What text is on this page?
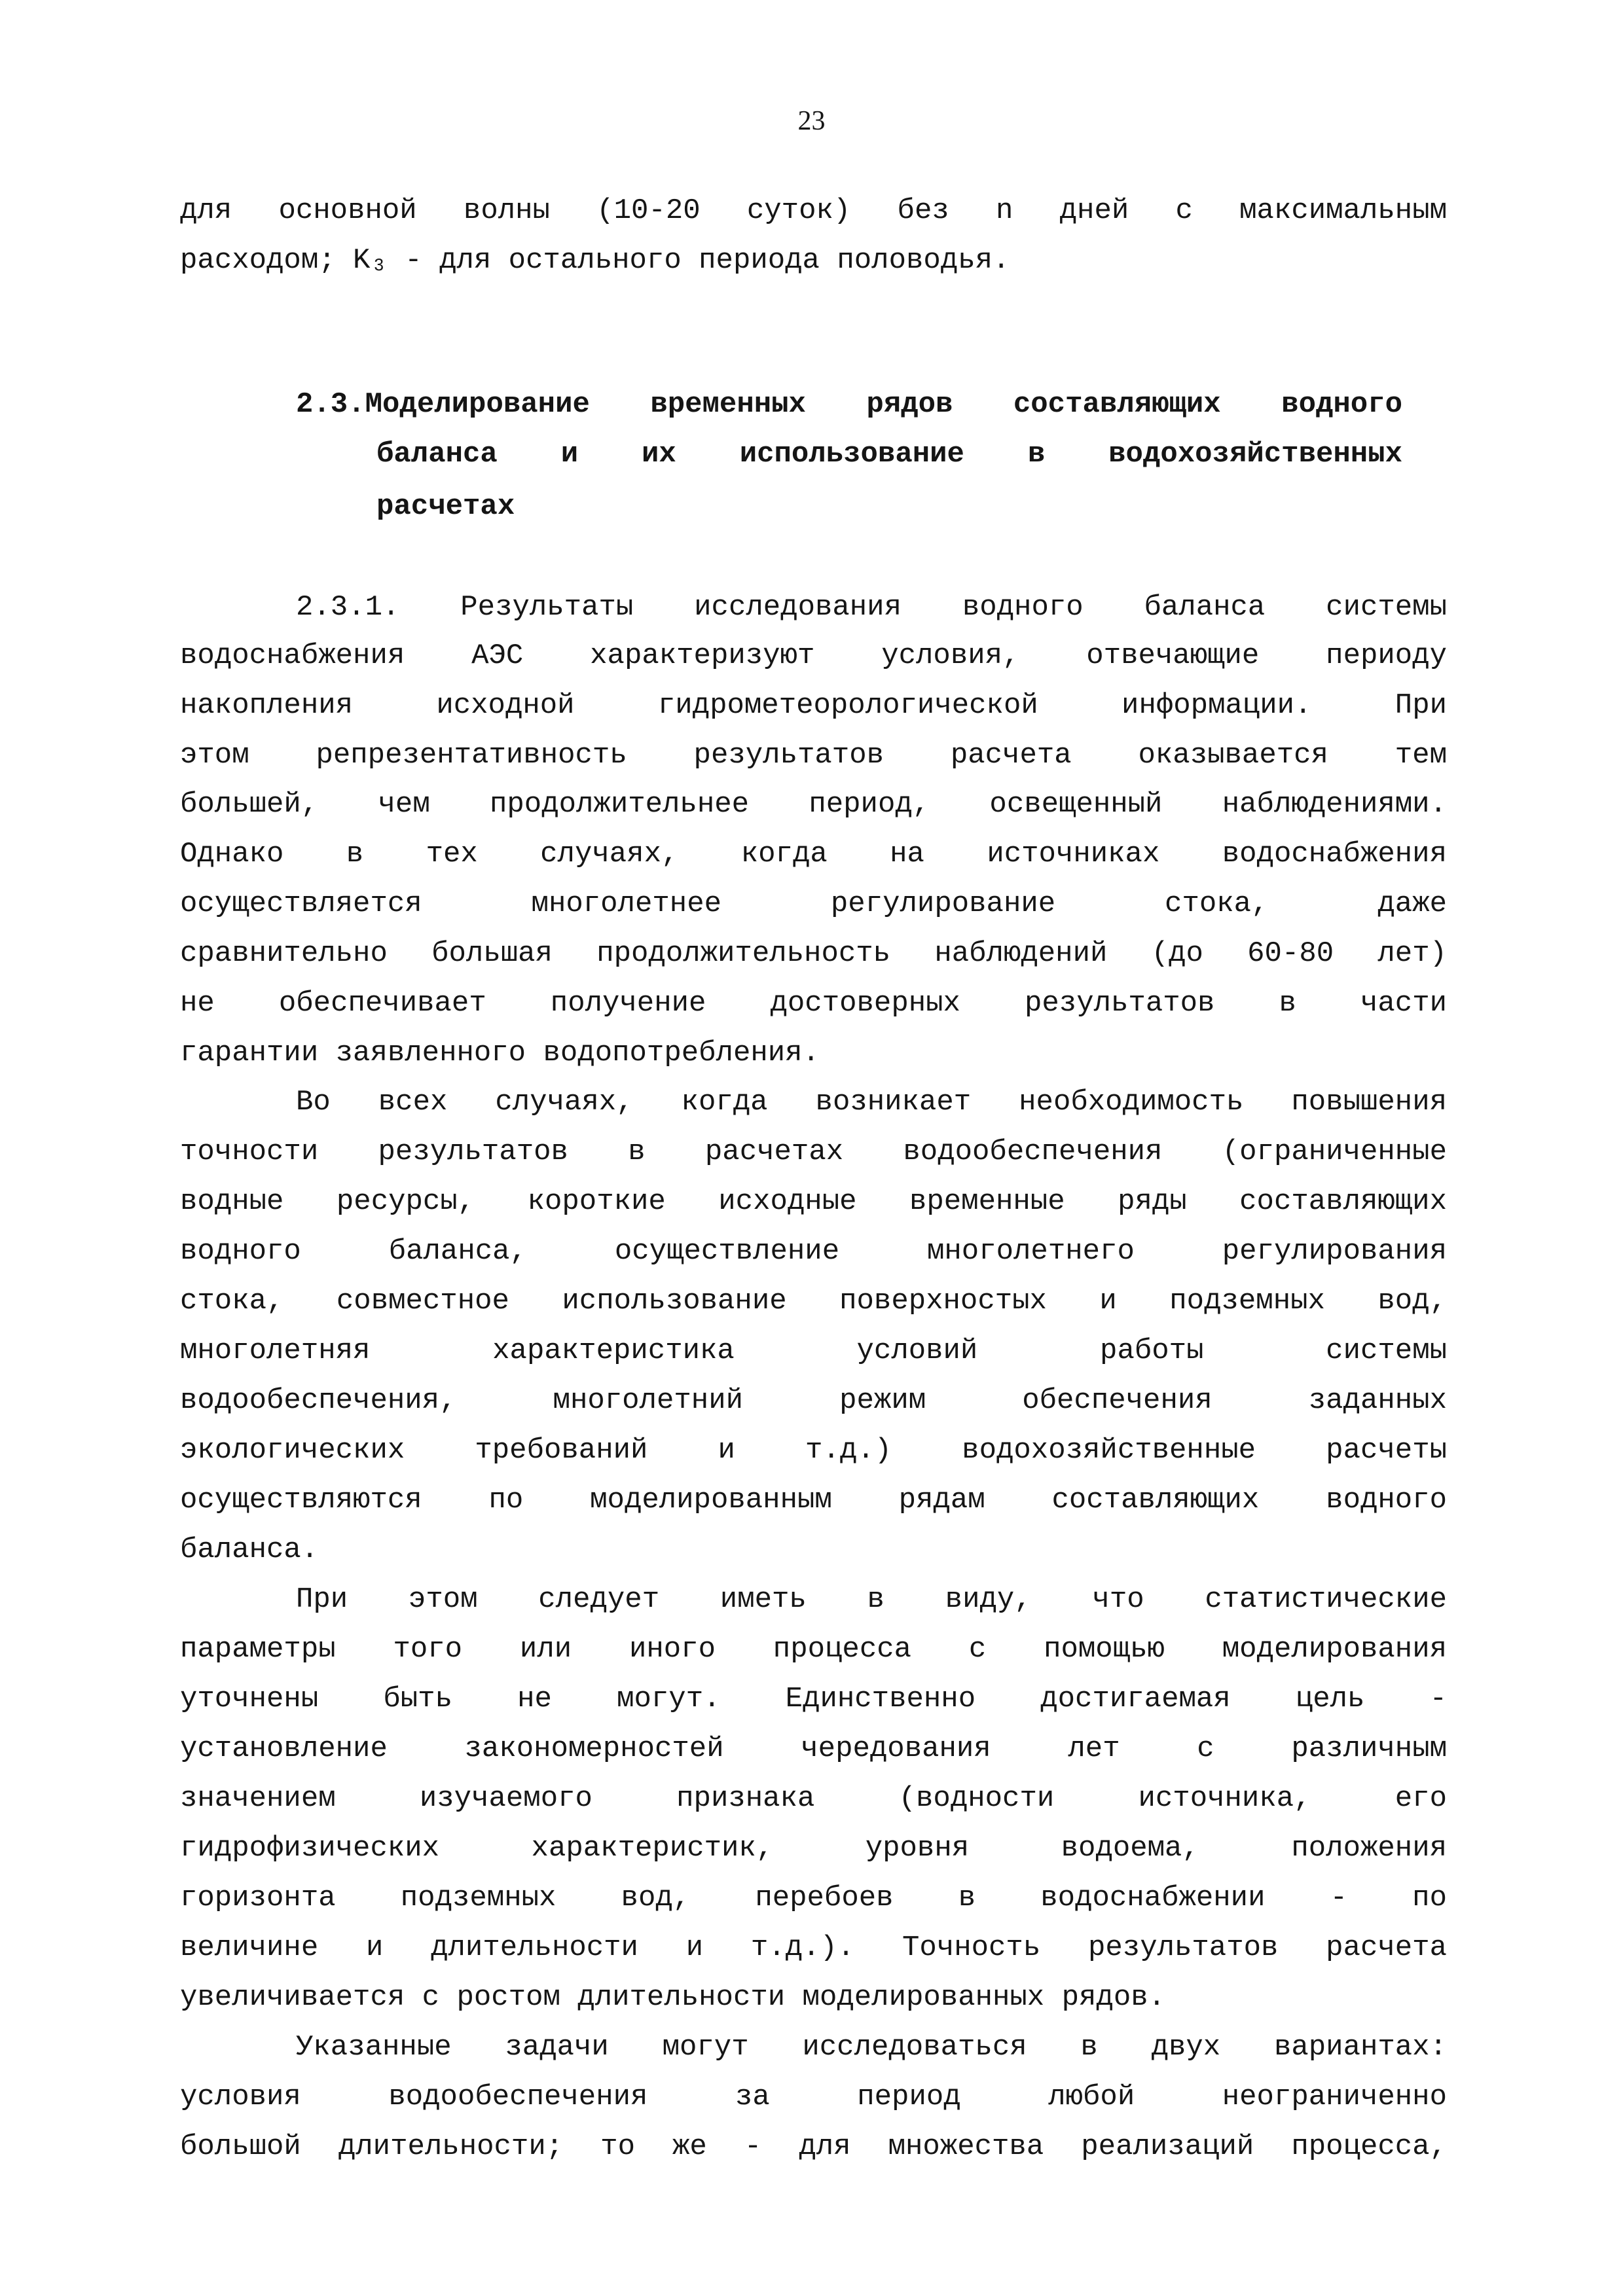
23
для основной волны (10-20 суток) без n дней с максимальным
расходом; K₃ - для остального периода половодья.
2.3.Моделирование временных рядов составляющих водного
баланса и их использование в водохозяйственных
расчетах
2.3.1. Результаты исследования водного баланса системы
водоснабжения АЭС характеризуют условия, отвечающие периоду
накопления исходной гидрометеорологической информации. При
этом репрезентативность результатов расчета оказывается тем
большей, чем продолжительнее период, освещенный наблюдениями.
Однако в тех случаях, когда на источниках водоснабжения
осуществляется многолетнее регулирование стока, даже
сравнительно большая продолжительность наблюдений (до 60-80 лет)
не обеспечивает получение достоверных результатов в части
гарантии заявленного водопотребления.
Во всех случаях, когда возникает необходимость повышения
точности результатов в расчетах водообеспечения (ограниченные
водные ресурсы, короткие исходные временные ряды составляющих
водного баланса, осуществление многолетнего регулирования
стока, совместное использование поверхностых и подземных вод,
многолетняя характеристика условий работы системы
водообеспечения, многолетний режим обеспечения заданных
экологических требований и т.д.) водохозяйственные расчеты
осуществляются по моделированным рядам составляющих водного
баланса.
При этом следует иметь в виду, что статистические
параметры того или иного процесса с помощью моделирования
уточнены быть не могут. Единственно достигаемая цель -
установление закономерностей чередования лет с различным
значением изучаемого признака (водности источника, его
гидрофизических характеристик, уровня водоема, положения
горизонта подземных вод, перебоев в водоснабжении - по
величине и длительности и т.д.). Точность результатов расчета
увеличивается с ростом длительности моделированных рядов.
Указанные задачи могут исследоваться в двух вариантах:
условия водообеспечения за период любой неограниченно
большой длительности; то же - для множества реализаций процесса,
